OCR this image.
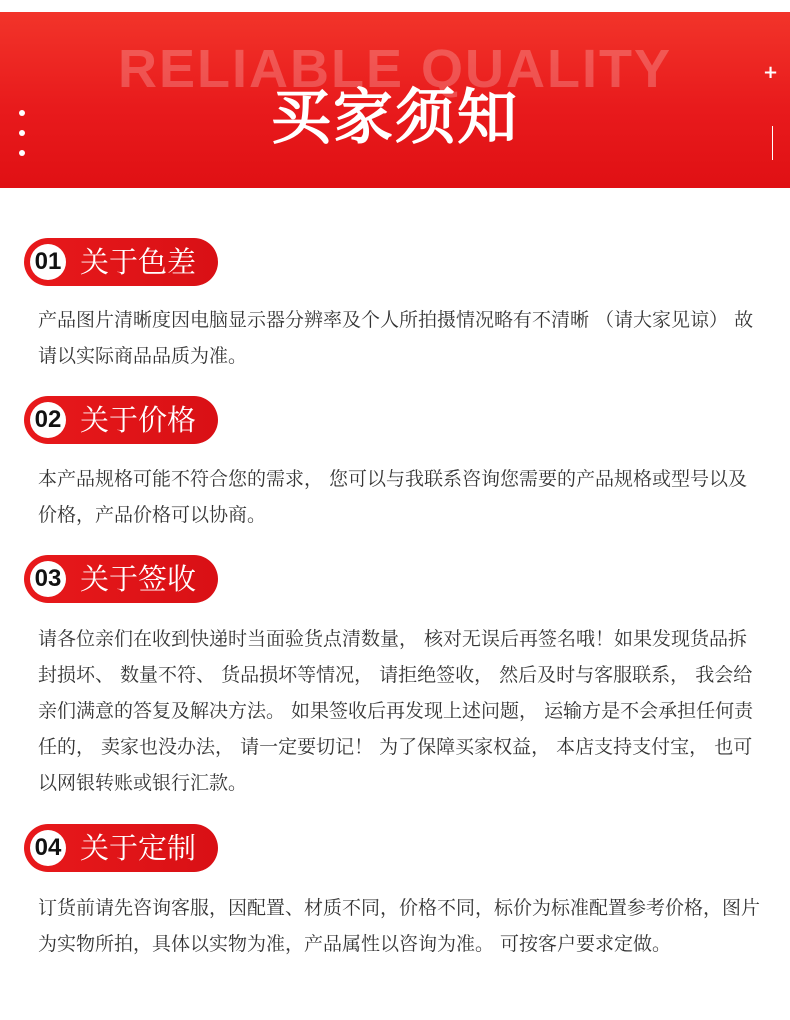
RELIABLE QUALITY
买家须知
+
01 关于色差

产品图片清晰度因电脑显示器分辨率及个人所拍摄情况略有不清晰 （请大家见谅） 故请以实际商品品质为准。

02 关于价格

本产品规格可能不符合您的需求， 您可以与我联系咨询您需要的产品规格或型号以及价格，产品价格可以协商。

03 关于签收

请各位亲们在收到快递时当面验货点清数量， 核对无误后再签名哦！如果发现货品拆封损坏、 数量不符、 货品损坏等情况， 请拒绝签收， 然后及时与客服联系， 我会给亲们满意的答复及解决方法。 如果签收后再发现上述问题， 运输方是不会承担任何责任的， 卖家也没办法， 请一定要切记！ 为了保障买家权益， 本店支持支付宝， 也可以网银转账或银行汇款。

04 关于定制

订货前请先咨询客服，因配置、材质不同，价格不同，标价为标准配置参考价格，图片为实物所拍，具体以实物为准，产品属性以咨询为准。 可按客户要求定做。
